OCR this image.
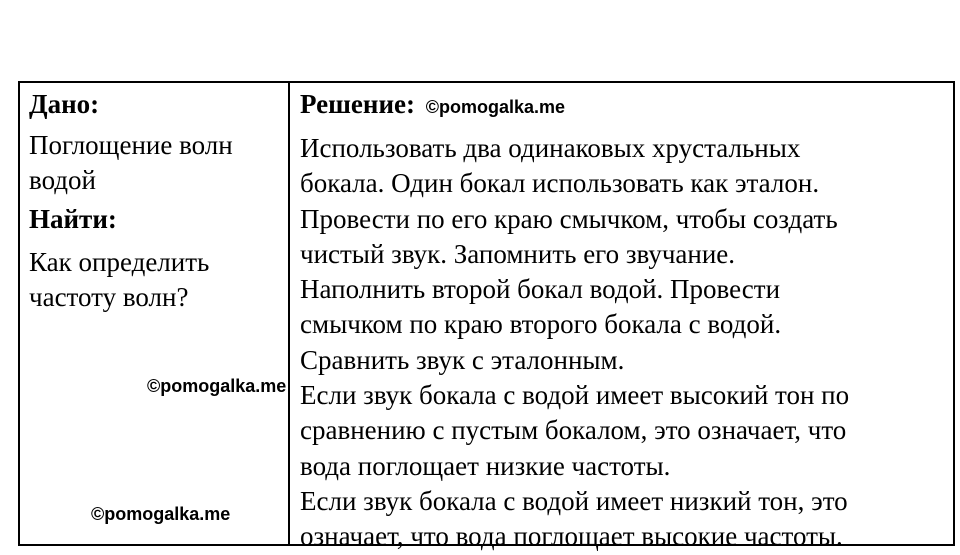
Дано:
Поглощение волн
водой
Найти:
Как определить
частоту волн?
Решение: ©pomogalka.me
Использовать два одинаковых хрустальных
бокала. Один бокал использовать как эталон.
Провести по его краю смычком, чтобы создать
чистый звук. Запомнить его звучание.
Наполнить второй бокал водой. Провести
смычком по краю второго бокала с водой.
Сравнить звук с эталонным.
Если звук бокала с водой имеет высокий тон по
сравнению с пустым бокалом, это означает, что
вода поглощает низкие частоты.
Если звук бокала с водой имеет низкий тон, это
означает, что вода поглощает высокие частоты.
©pomogalka.me
©pomogalka.me
